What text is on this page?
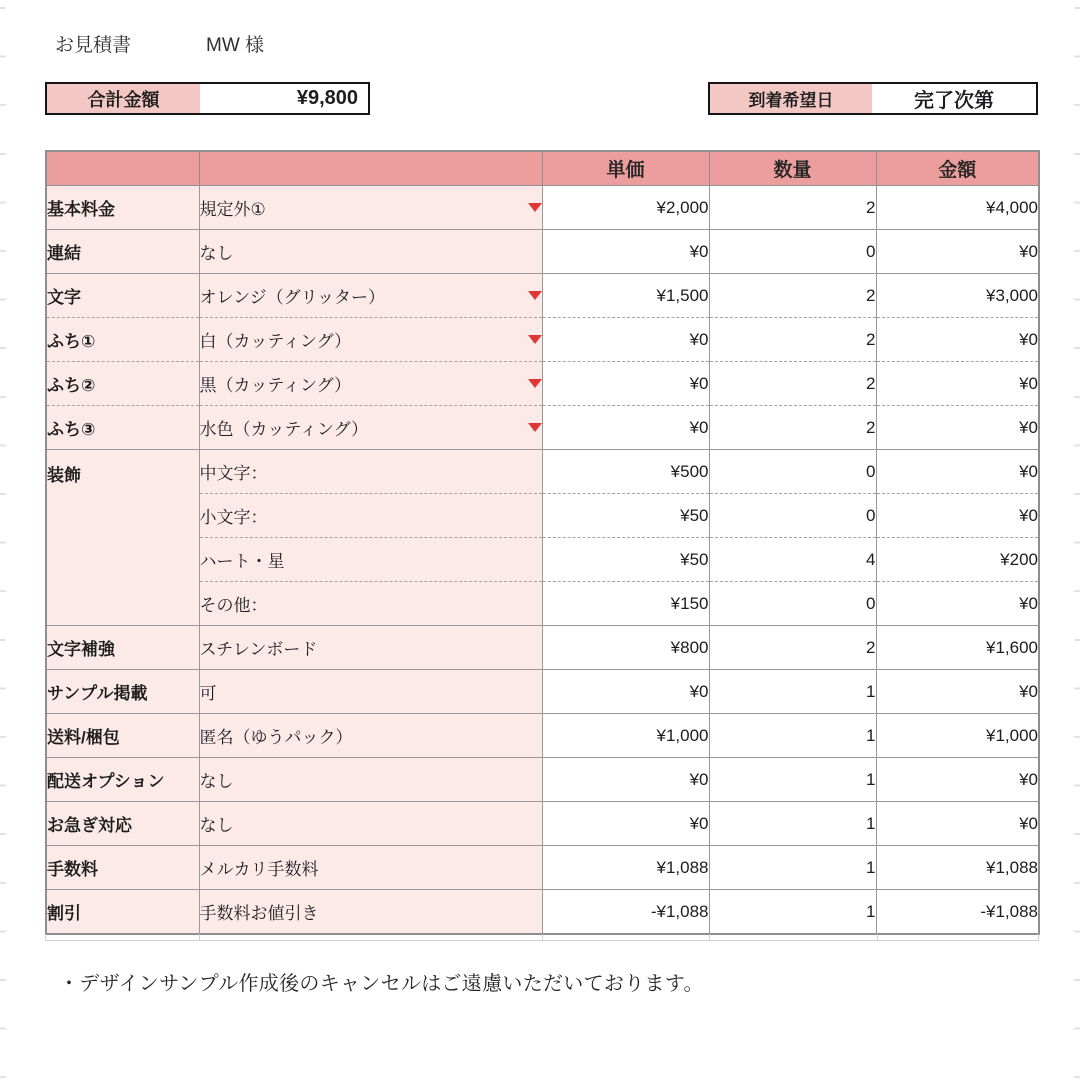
お見積書	MW 様
合計金額	¥9,800	到着希望日	完了次第
		単価	数量	金額
基本料金	規定外①	¥2,000	2	¥4,000
連結	なし	¥0	0	¥0
文字	オレンジ（グリッター）	¥1,500	2	¥3,000
ふち①	白（カッティング）	¥0	2	¥0
ふち②	黒（カッティング）	¥0	2	¥0
ふち③	水色（カッティング）	¥0	2	¥0
装飾	中文字：	¥500	0	¥0
	小文字：	¥50	0	¥0
	ハート・星	¥50	4	¥200
	その他：	¥150	0	¥0
文字補強	スチレンボード	¥800	2	¥1,600
サンプル掲載	可	¥0	1	¥0
送料/梱包	匿名（ゆうパック）	¥1,000	1	¥1,000
配送オプション	なし	¥0	1	¥0
お急ぎ対応	なし	¥0	1	¥0
手数料	メルカリ手数料	¥1,088	1	¥1,088
割引	手数料お値引き	-¥1,088	1	-¥1,088
・デザインサンプル作成後のキャンセルはご遠慮いただいております。
